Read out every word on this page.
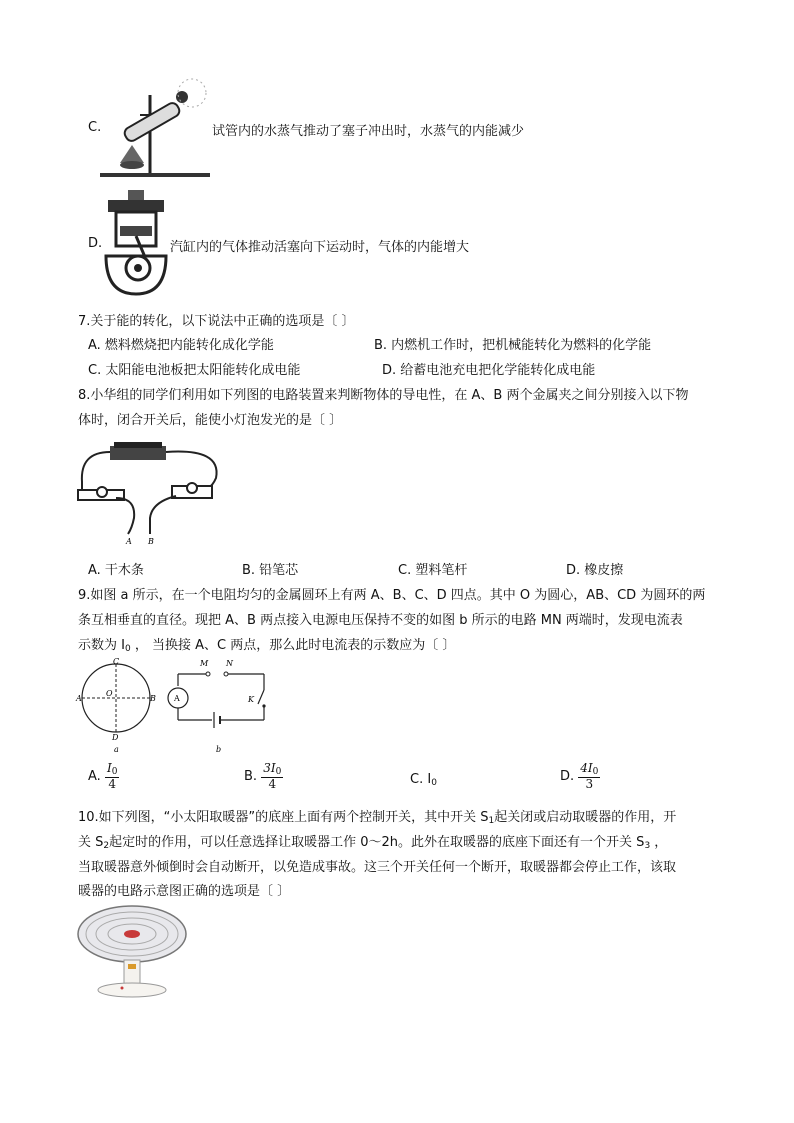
C.	试管内的水蒸气推动了塞子冲出时，水蒸气的内能减少
D.	汽缸内的气体推动活塞向下运动时，气体的内能增大
7.关于能的转化，以下说法中正确的选项是〔 〕
A. 燃料燃烧把内能转化成化学能	B. 内燃机工作时，把机械能转化为燃料的化学能
C. 太阳能电池板把太阳能转化成电能	D. 给蓄电池充电把化学能转化成电能
8.小华组的同学们利用如下列图的电路装置来判断物体的导电性，在 A、B 两个金属夹之间分别接入以下物
体时，闭合开关后，能使小灯泡发光的是〔 〕
A B
A. 干木条	B. 铅笔芯	C. 塑料笔杆	D. 橡皮擦
9.如图 a 所示，在一个电阻均匀的金属圆环上有两 A、B、C、D 四点。其中 O 为圆心，AB、CD 为圆环的两
条互相垂直的直径。现把 A、B 两点接入电源电压保持不变的如图 b 所示的电路 MN 两端时，发现电流表
示数为 $I_0$ ， 当换接 A、C 两点，那么此时电流表的示数应为〔 〕
C
A
O
B
D
a
M N
A	K
b
A. $\frac{I_0}{4}$	B. $\frac{3I_0}{4}$	C. $I_0$	D. $\frac{4I_0}{3}$
10.如下列图，“小太阳取暖器”的底座上面有两个控制开关，其中开关 $S_1$起关闭或启动取暖器的作用，开
关 $S_2$起定时的作用，可以任意选择让取暖器工作 0～2h。此外在取暖器的底座下面还有一个开关 $S_3$ ，
当取暖器意外倾倒时会自动断开，以免造成事故。这三个开关任何一个断开，取暖器都会停止工作，该取
暖器的电路示意图正确的选项是〔 〕
